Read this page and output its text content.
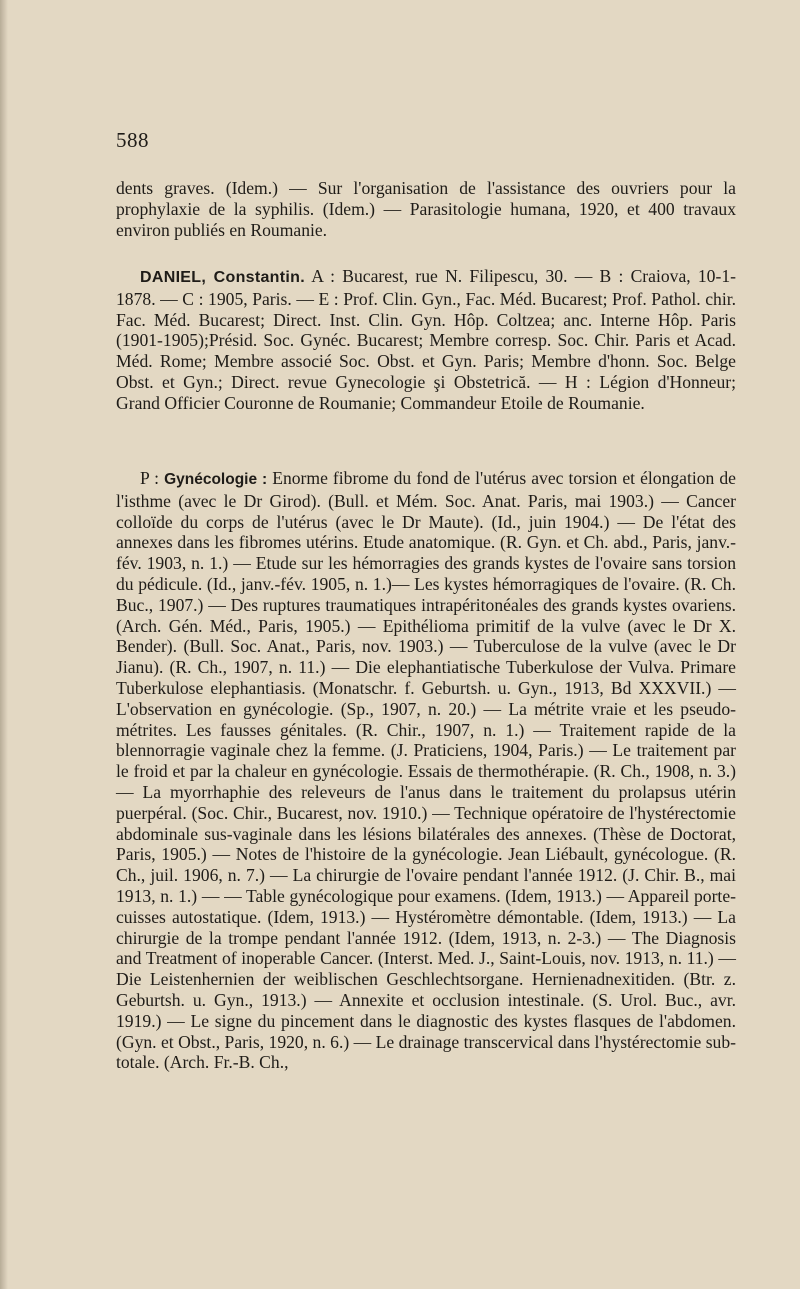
588

dents graves. (Idem.) — Sur l'organisation de l'assistance des ouvriers pour la prophylaxie de la syphilis. (Idem.) — Parasitologie humana, 1920, et 400 travaux environ publiés en Roumanie.

DANIEL, Constantin. A : Bucarest, rue N. Filipescu, 30. — B : Craiova, 10-1-1878. — C : 1905, Paris. — E : Prof. Clin. Gyn., Fac. Méd. Bucarest; Prof. Pathol. chir. Fac. Méd. Bucarest; Direct. Inst. Clin. Gyn. Hôp. Coltzea; anc. Interne Hôp. Paris (1901-1905);Présid. Soc. Gynéc. Bucarest; Membre corresp. Soc. Chir. Paris et Acad. Méd. Rome; Membre associé Soc. Obst. et Gyn. Paris; Membre d'honn. Soc. Belge Obst. et Gyn.; Direct. revue Gynecologie şi Obstetrică. — H : Légion d'Honneur; Grand Officier Couronne de Roumanie; Commandeur Etoile de Roumanie.

P : Gynécologie : Enorme fibrome du fond de l'utérus avec torsion et élongation de l'isthme (avec le Dr Girod). (Bull. et Mém. Soc. Anat. Paris, mai 1903.) — Cancer colloïde du corps de l'utérus (avec le Dr Maute). (Id., juin 1904.) — De l'état des annexes dans les fibromes utérins. Etude anatomique. (R. Gyn. et Ch. abd., Paris, janv.-fév. 1903, n. 1.) — Etude sur les hémorragies des grands kystes de l'ovaire sans torsion du pédicule. (Id., janv.-fév. 1905, n. 1.)— Les kystes hémorragiques de l'ovaire. (R. Ch. Buc., 1907.) — Des ruptures traumatiques intrapéritonéales des grands kystes ovariens. (Arch. Gén. Méd., Paris, 1905.) — Epithélioma primitif de la vulve (avec le Dr X. Bender). (Bull. Soc. Anat., Paris, nov. 1903.) — Tuberculose de la vulve (avec le Dr Jianu). (R. Ch., 1907, n. 11.) — Die elephantiatische Tuberkulose der Vulva. Primare Tuberkulose elephantiasis. (Monatschr. f. Geburtsh. u. Gyn., 1913, Bd XXXVII.) — L'observation en gynécologie. (Sp., 1907, n. 20.) — La métrite vraie et les pseudo-métrites. Les fausses génitales. (R. Chir., 1907, n. 1.) — Traitement rapide de la blennorragie vaginale chez la femme. (J. Praticiens, 1904, Paris.) — Le traitement par le froid et par la chaleur en gynécologie. Essais de thermothérapie. (R. Ch., 1908, n. 3.) — La myorrhaphie des releveurs de l'anus dans le traitement du prolapsus utérin puerpéral. (Soc. Chir., Bucarest, nov. 1910.) — Technique opératoire de l'hystérectomie abdominale sus-vaginale dans les lésions bilatérales des annexes. (Thèse de Doctorat, Paris, 1905.) — Notes de l'histoire de la gynécologie. Jean Liébault, gynécologue. (R. Ch., juil. 1906, n. 7.) — La chirurgie de l'ovaire pendant l'année 1912. (J. Chir. B., mai 1913, n. 1.) — — Table gynécologique pour examens. (Idem, 1913.) — Appareil porte-cuisses autostatique. (Idem, 1913.) — Hystéromètre démontable. (Idem, 1913.) — La chirurgie de la trompe pendant l'année 1912. (Idem, 1913, n. 2-3.) — The Diagnosis and Treatment of inoperable Cancer. (Interst. Med. J., Saint-Louis, nov. 1913, n. 11.) — Die Leistenhernien der weiblischen Geschlechtsorgane. Hernienadnexitiden. (Btr. z. Geburtsh. u. Gyn., 1913.) — Annexite et occlusion intestinale. (S. Urol. Buc., avr. 1919.) — Le signe du pincement dans le diagnostic des kystes flasques de l'abdomen. (Gyn. et Obst., Paris, 1920, n. 6.) — Le drainage transcervical dans l'hystérectomie sub-totale. (Arch. Fr.-B. Ch.,
